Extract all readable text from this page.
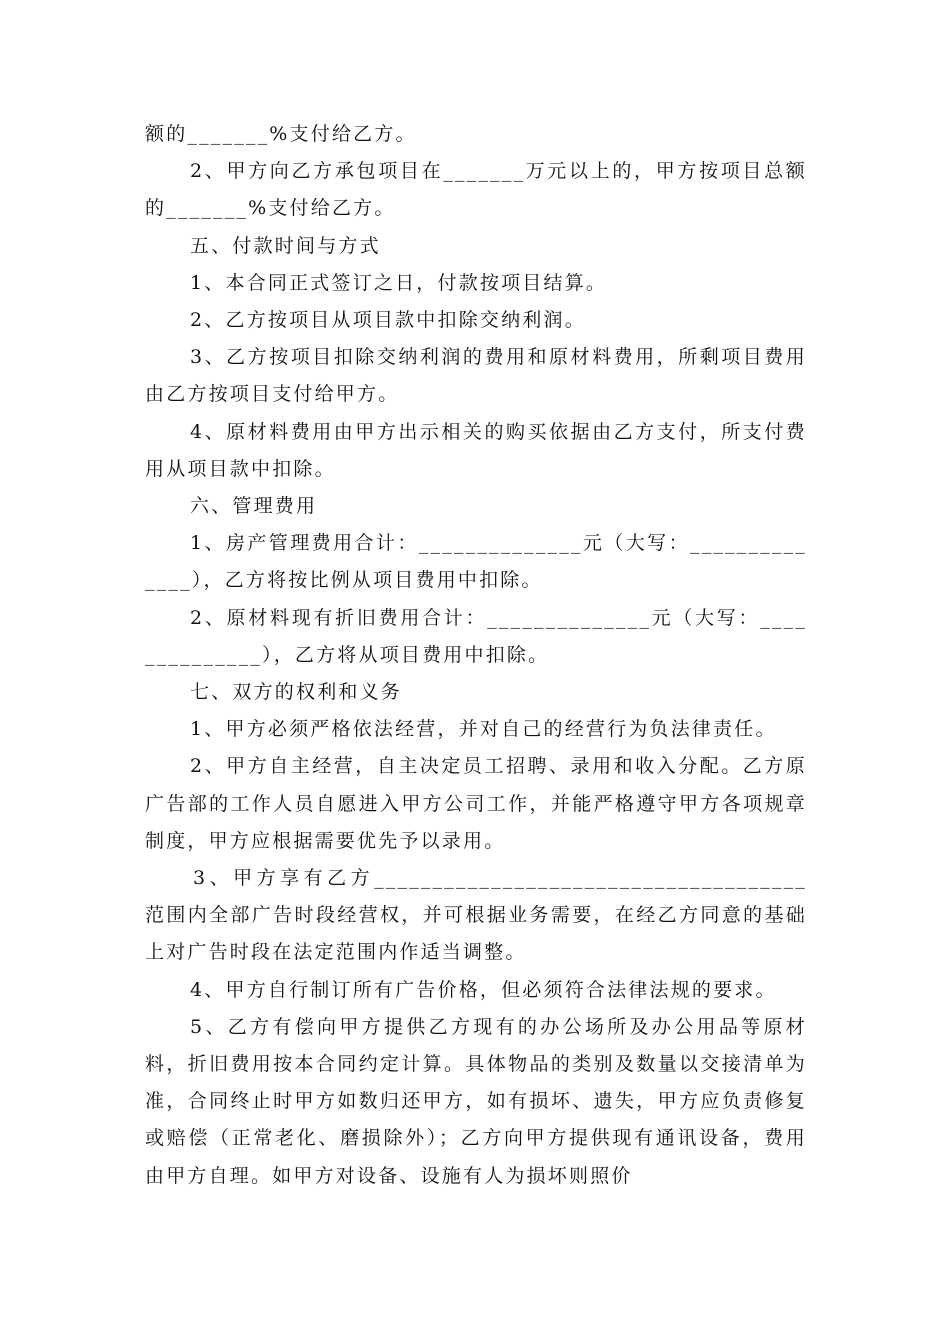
额的_______%支付给乙方。

2、甲方向乙方承包项目在_______万元以上的，甲方按项目总额的_______%支付给乙方。

五、付款时间与方式

1、本合同正式签订之日，付款按项目结算。

2、乙方按项目从项目款中扣除交纳利润。

3、乙方按项目扣除交纳利润的费用和原材料费用，所剩项目费用由乙方按项目支付给甲方。

4、原材料费用由甲方出示相关的购买依据由乙方支付，所支付费用从项目款中扣除。

六、管理费用

1、房产管理费用合计：______________元（大写：______________），乙方将按比例从项目费用中扣除。

2、原材料现有折旧费用合计：______________元（大写：______________），乙方将从项目费用中扣除。

七、双方的权利和义务

1、甲方必须严格依法经营，并对自己的经营行为负法律责任。

2、甲方自主经营，自主决定员工招聘、录用和收入分配。乙方原广告部的工作人员自愿进入甲方公司工作，并能严格遵守甲方各项规章制度，甲方应根据需要优先予以录用。

3、甲方享有乙方_____________________________________范围内全部广告时段经营权，并可根据业务需要，在经乙方同意的基础上对广告时段在法定范围内作适当调整。

4、甲方自行制订所有广告价格，但必须符合法律法规的要求。

5、乙方有偿向甲方提供乙方现有的办公场所及办公用品等原材料，折旧费用按本合同约定计算。具体物品的类别及数量以交接清单为准，合同终止时甲方如数归还甲方，如有损坏、遗失，甲方应负责修复或赔偿（正常老化、磨损除外）；乙方向甲方提供现有通讯设备，费用由甲方自理。如甲方对设备、设施有人为损坏则照价
